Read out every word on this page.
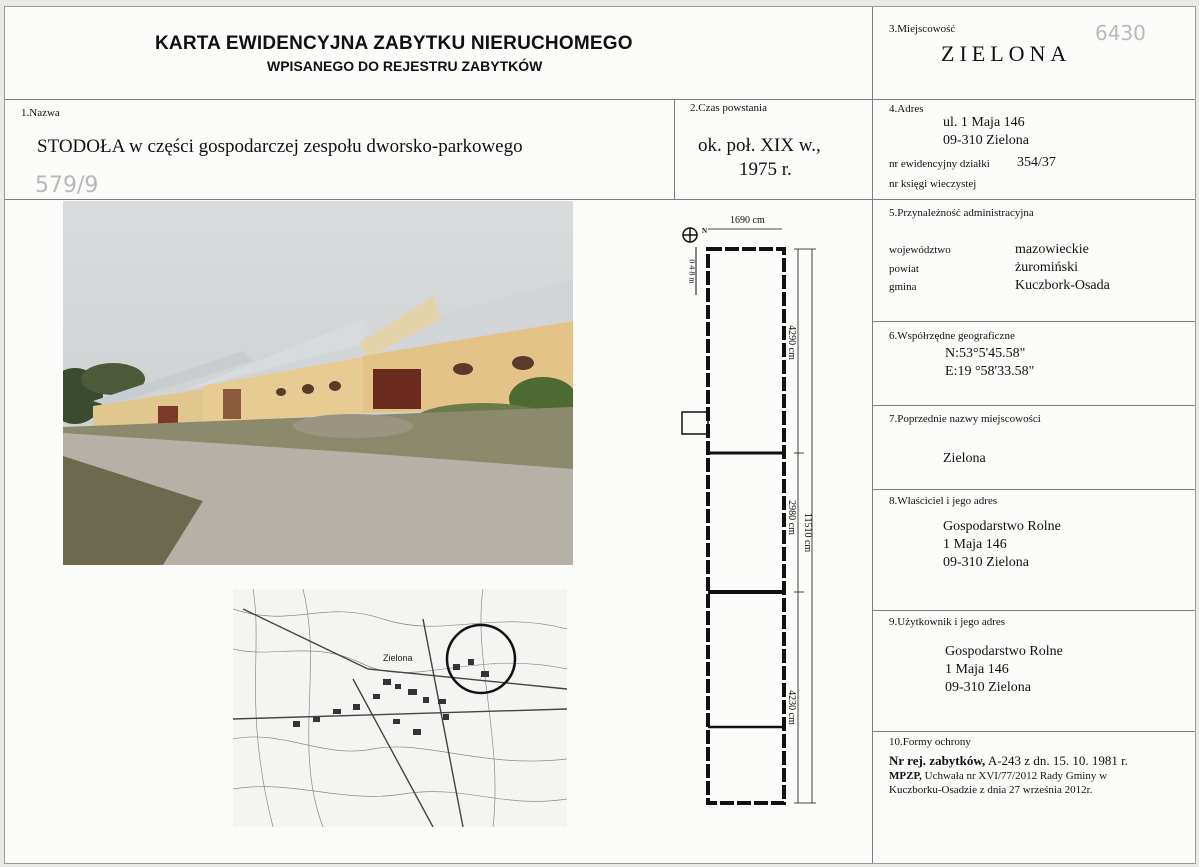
KARTA EWIDENCYJNA ZABYTKU NIERUCHOMEGO
WPISANEGO DO REJESTRU ZABYTKÓW
3.Miejscowość
ZIELONA
6430
1.Nazwa
STODOŁA w części gospodarczej zespołu dworsko-parkowego
579/9
2.Czas powstania
ok. poł. XIX w.,
1975 r.
4.Adres
ul. 1 Maja 146
09-310 Zielona
nr ewidencyjny działki 354/37
nr księgi wieczystej
5.Przynależność administracyjna
województwo	mazowieckie
powiat	żuromiński
gmina	Kuczbork-Osada
6.Współrzędne geograficzne
N:53°5'45.58"
E:19 °58'33.58"
7.Poprzednie nazwy miejscowości
Zielona
8.Właściciel i jego adres
Gospodarstwo Rolne
1 Maja 146
09-310 Zielona
9.Użytkownik i jego adres
Gospodarstwo Rolne
1 Maja 146
09-310 Zielona
10.Formy ochrony
Nr rej. zabytków, A-243 z dn. 15. 10. 1981 r.
MPZP, Uchwała nr XVI/77/2012 Rady Gminy w
Kuczborku-Osadzie z dnia 27 września 2012r.
Zielona
1690 cm
N
0 4 8 m
4290 cm
2980 cm
4230 cm
11510 cm
